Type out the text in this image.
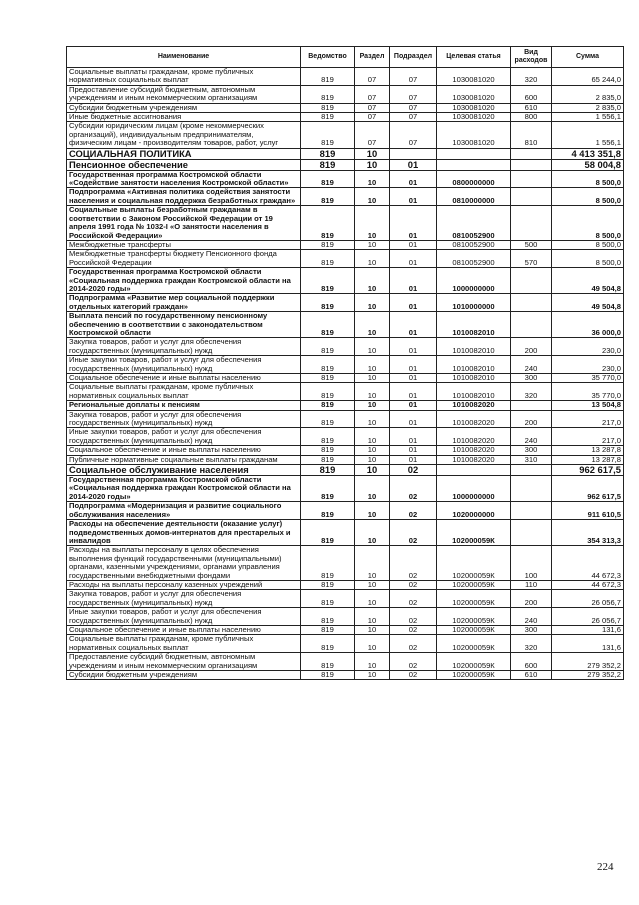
Наименование	Ведомство	Раздел	Подраздел	Целевая статья	Вид расходов	Сумма
Социальные выплаты гражданам, кроме публичных нормативных социальных выплат	819	07	07	1030081020	320	65 244,0
Предоставление субсидий бюджетным, автономным учреждениям и иным некоммерческим организациям	819	07	07	1030081020	600	2 835,0
Субсидии бюджетным учреждениям	819	07	07	1030081020	610	2 835,0
Иные бюджетные ассигнования	819	07	07	1030081020	800	1 556,1
Субсидии юридическим лицам (кроме некоммерческих организаций), индивидуальным предпринимателям, физическим лицам - производителям товаров, работ, услуг	819	07	07	1030081020	810	1 556,1
СОЦИАЛЬНАЯ ПОЛИТИКА	819	10				4 413 351,8
Пенсионное обеспечение	819	10	01			58 004,8
Государственная программа Костромской области «Содействие занятости населения Костромской области»	819	10	01	0800000000		8 500,0
Подпрограмма «Активная политика содействия занятости населения и социальная поддержка безработных граждан»	819	10	01	0810000000		8 500,0
Социальные выплаты безработным гражданам в соответствии с Законом Российской Федерации от 19 апреля 1991 года № 1032-I «О занятости населения в Российской Федерации»	819	10	01	0810052900		8 500,0
Межбюджетные трансферты	819	10	01	0810052900	500	8 500,0
Межбюджетные трансферты бюджету Пенсионного фонда Российской Федерации	819	10	01	0810052900	570	8 500,0
Государственная программа Костромской области «Социальная поддержка граждан Костромской области на 2014-2020 годы»	819	10	01	1000000000		49 504,8
Подпрограмма «Развитие мер социальной поддержки отдельных категорий граждан»	819	10	01	1010000000		49 504,8
Выплата пенсий по государственному пенсионному обеспечению в соответствии с законодательством Костромской области	819	10	01	1010082010		36 000,0
Закупка товаров, работ и услуг для обеспечения государственных (муниципальных) нужд	819	10	01	1010082010	200	230,0
Иные закупки товаров, работ и услуг для обеспечения государственных (муниципальных) нужд	819	10	01	1010082010	240	230,0
Социальное обеспечение и иные выплаты населению	819	10	01	1010082010	300	35 770,0
Социальные выплаты гражданам, кроме публичных нормативных социальных выплат	819	10	01	1010082010	320	35 770,0
Региональные доплаты к пенсиям	819	10	01	1010082020		13 504,8
Закупка товаров, работ и услуг для обеспечения государственных (муниципальных) нужд	819	10	01	1010082020	200	217,0
Иные закупки товаров, работ и услуг для обеспечения государственных (муниципальных) нужд	819	10	01	1010082020	240	217,0
Социальное обеспечение и иные выплаты населению	819	10	01	1010082020	300	13 287,8
Публичные нормативные социальные выплаты гражданам	819	10	01	1010082020	310	13 287,8
Социальное обслуживание населения	819	10	02			962 617,5
Государственная программа Костромской области «Социальная поддержка граждан Костромской области на 2014-2020 годы»	819	10	02	1000000000		962 617,5
Подпрограмма «Модернизация и развитие социального обслуживания населения»	819	10	02	1020000000		911 610,5
Расходы на обеспечение деятельности (оказание услуг) подведомственных домов-интернатов для престарелых и инвалидов	819	10	02	102000059К		354 313,3
Расходы на выплаты персоналу в целях обеспечения выполнения функций государственными (муниципальными) органами, казенными учреждениями, органами управления государственными внебюджетными фондами	819	10	02	102000059К	100	44 672,3
Расходы на выплаты персоналу казенных учреждений	819	10	02	102000059К	110	44 672,3
Закупка товаров, работ и услуг для обеспечения государственных (муниципальных) нужд	819	10	02	102000059К	200	26 056,7
Иные закупки товаров, работ и услуг для обеспечения государственных (муниципальных) нужд	819	10	02	102000059К	240	26 056,7
Социальное обеспечение и иные выплаты населению	819	10	02	102000059К	300	131,6
Социальные выплаты гражданам, кроме публичных нормативных социальных выплат	819	10	02	102000059К	320	131,6
Предоставление субсидий бюджетным, автономным учреждениям и иным некоммерческим организациям	819	10	02	102000059К	600	279 352,2
Субсидии бюджетным учреждениям	819	10	02	102000059К	610	279 352,2
224
